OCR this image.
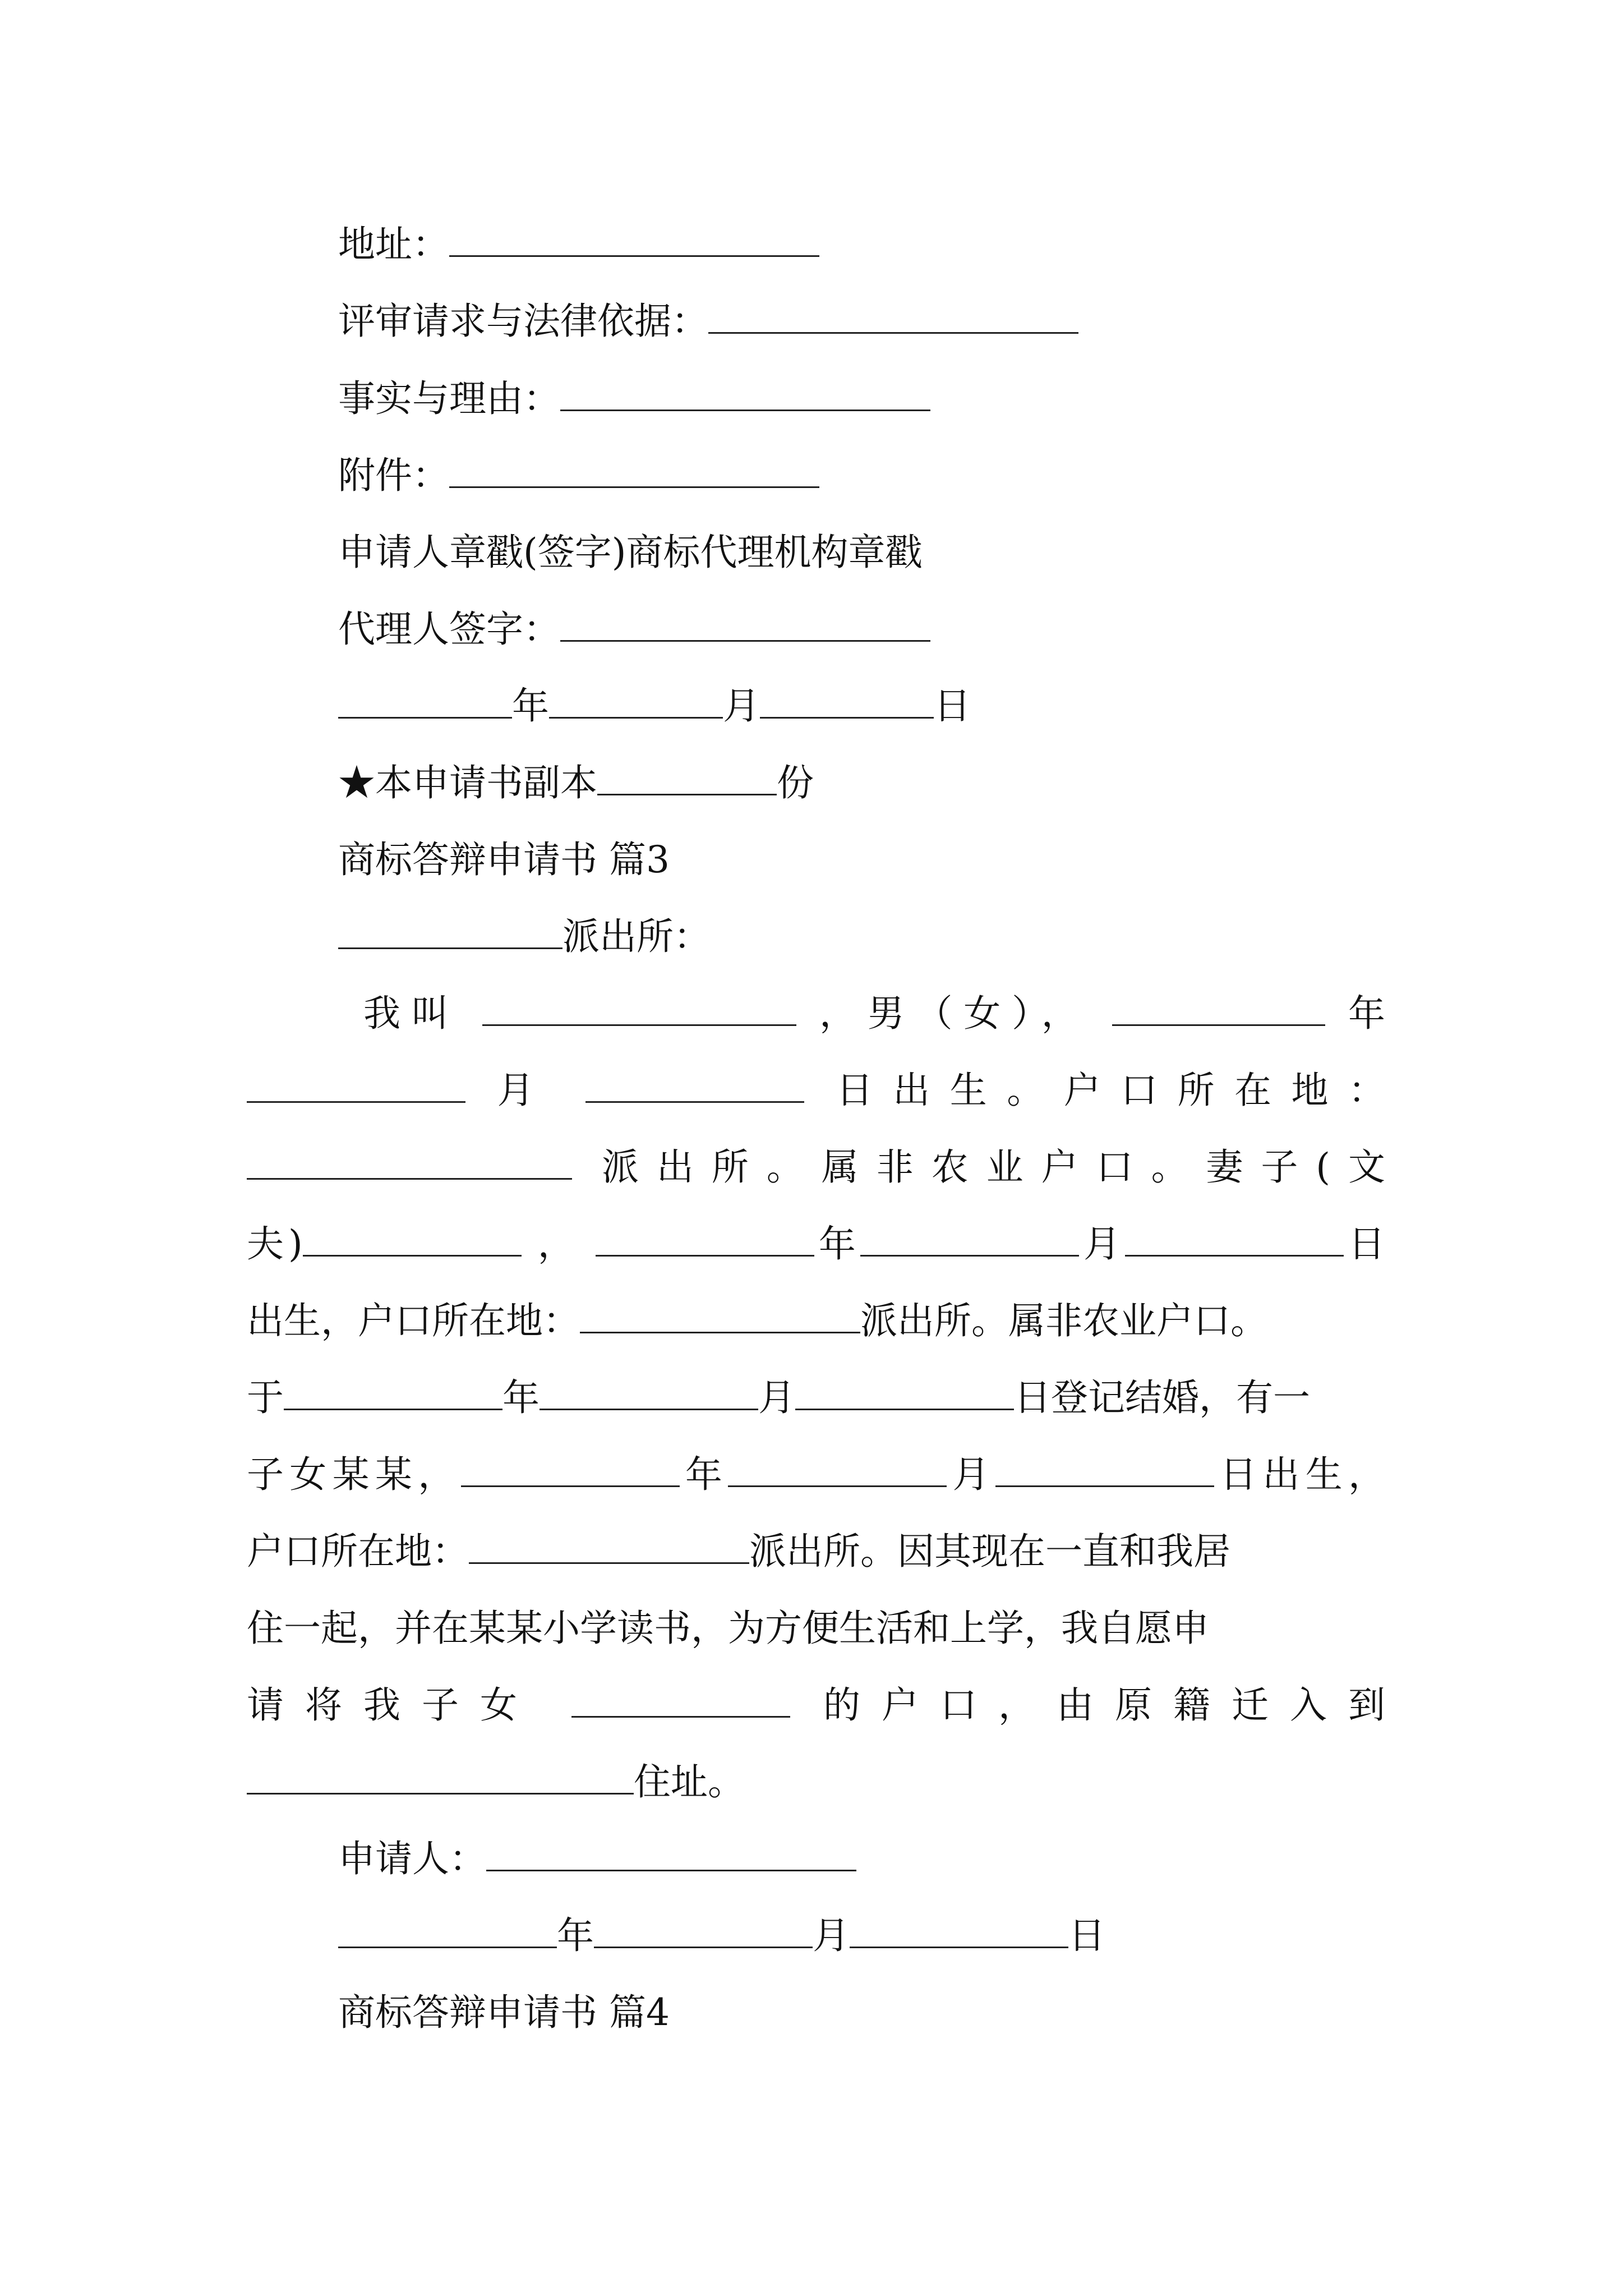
地址：
评审请求与法律依据：
事实与理由：
附件：
申请人章戳(签字)商标代理机构章戳
代理人签字：
年	月	日
★本申请书副本	份
商标答辩申请书 篇3
派出所：
我叫	，男（女），	年
月	日出生。户口所在地：
派出所。属非农业户口。妻子(文
夫)	，	年	月	日
出生，户口所在地：	派出所。属非农业户口。
于	年	月	日登记结婚，有一
子女某某，	年	月	日出生，
户口所在地：	派出所。因其现在一直和我居
住一起，并在某某小学读书，为方便生活和上学，我自愿申
请将我子女	的户口，由原籍迁入到
住址。
申请人：
年	月	日
商标答辩申请书 篇4
